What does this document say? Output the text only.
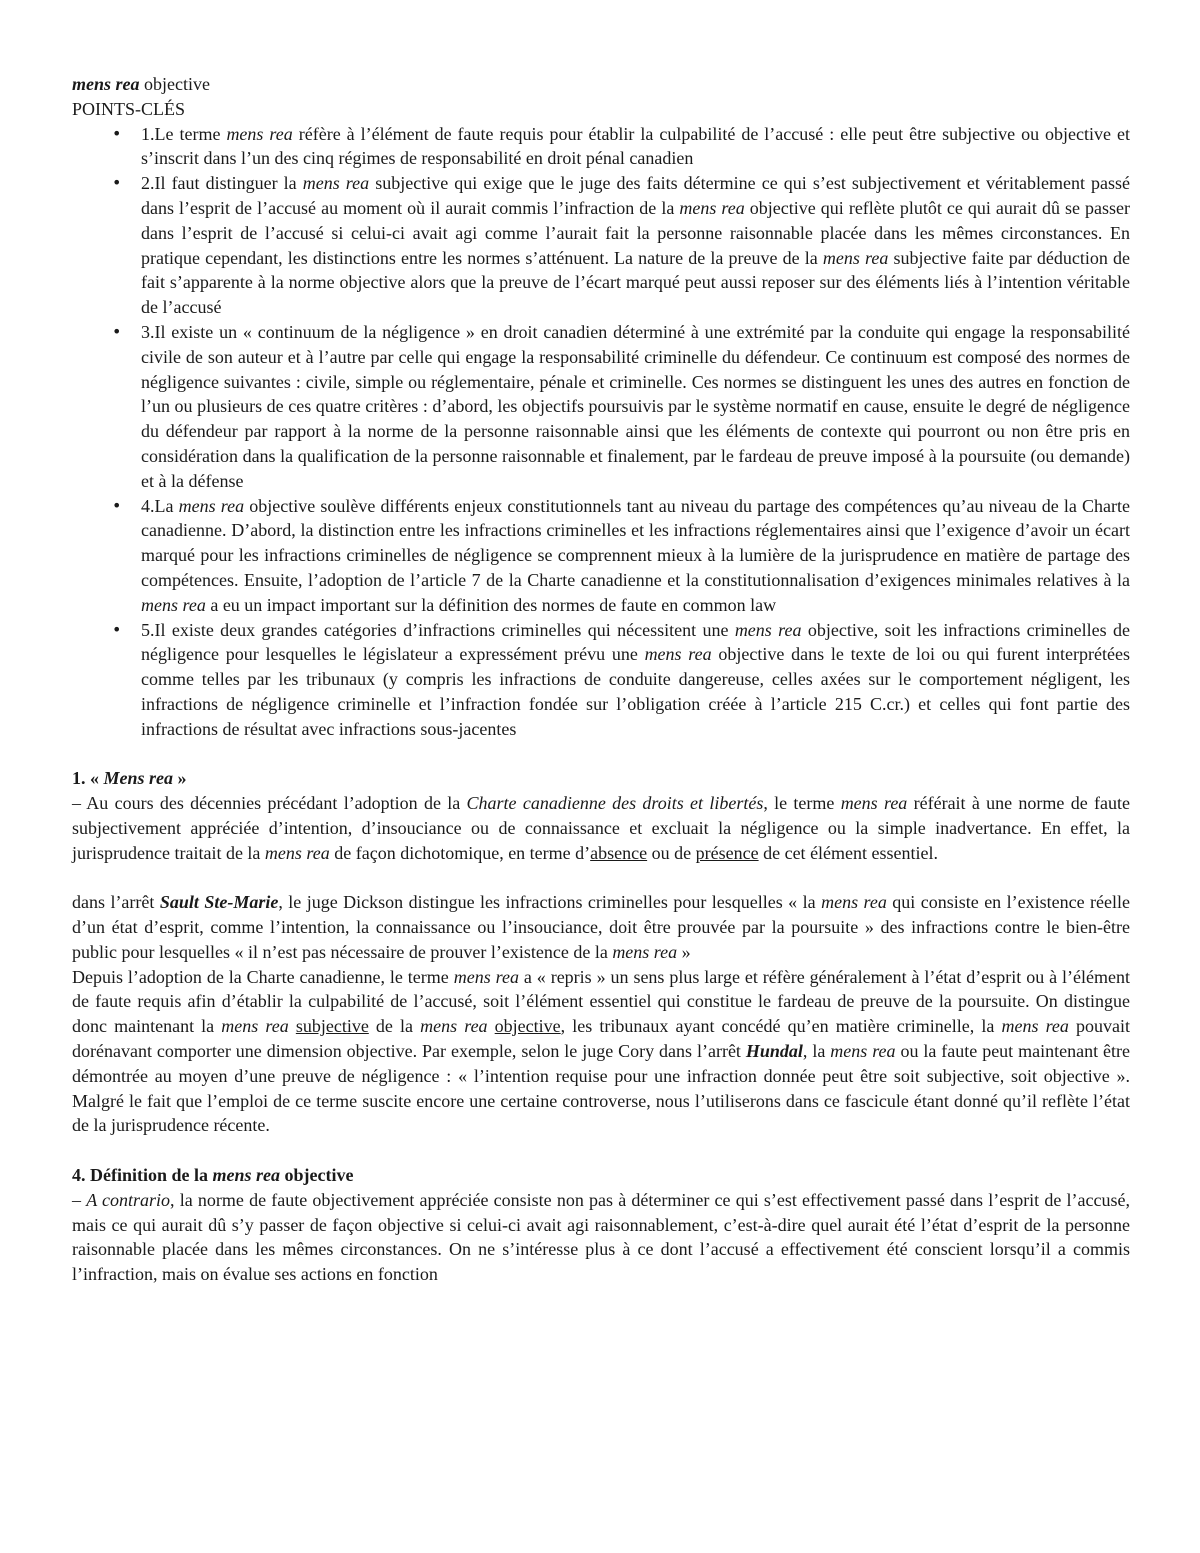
mens rea objective

POINTS-CLÉS

• 1.Le terme mens rea réfère à l’élément de faute requis pour établir la culpabilité de l’accusé : elle peut être subjective ou objective et s’inscrit dans l’un des cinq régimes de responsabilité en droit pénal canadien
• 2.Il faut distinguer la mens rea subjective qui exige que le juge des faits détermine ce qui s’est subjectivement et véritablement passé dans l’esprit de l’accusé au moment où il aurait commis l’infraction de la mens rea objective qui reflète plutôt ce qui aurait dû se passer dans l’esprit de l’accusé si celui-ci avait agi comme l’aurait fait la personne raisonnable placée dans les mêmes circonstances. En pratique cependant, les distinctions entre les normes s’atténuent. La nature de la preuve de la mens rea subjective faite par déduction de fait s’apparente à la norme objective alors que la preuve de l’écart marqué peut aussi reposer sur des éléments liés à l’intention véritable de l’accusé
• 3.Il existe un « continuum de la négligence » en droit canadien déterminé à une extrémité par la conduite qui engage la responsabilité civile de son auteur et à l’autre par celle qui engage la responsabilité criminelle du défendeur. Ce continuum est composé des normes de négligence suivantes : civile, simple ou réglementaire, pénale et criminelle. Ces normes se distinguent les unes des autres en fonction de l’un ou plusieurs de ces quatre critères : d’abord, les objectifs poursuivis par le système normatif en cause, ensuite le degré de négligence du défendeur par rapport à la norme de la personne raisonnable ainsi que les éléments de contexte qui pourront ou non être pris en considération dans la qualification de la personne raisonnable et finalement, par le fardeau de preuve imposé à la poursuite (ou demande) et à la défense
• 4.La mens rea objective soulève différents enjeux constitutionnels tant au niveau du partage des compétences qu’au niveau de la Charte canadienne. D’abord, la distinction entre les infractions criminelles et les infractions réglementaires ainsi que l’exigence d’avoir un écart marqué pour les infractions criminelles de négligence se comprennent mieux à la lumière de la jurisprudence en matière de partage des compétences. Ensuite, l’adoption de l’article 7 de la Charte canadienne et la constitutionnalisation d’exigences minimales relatives à la mens rea a eu un impact important sur la définition des normes de faute en common law
• 5.Il existe deux grandes catégories d’infractions criminelles qui nécessitent une mens rea objective, soit les infractions criminelles de négligence pour lesquelles le législateur a expressément prévu une mens rea objective dans le texte de loi ou qui furent interprétées comme telles par les tribunaux (y compris les infractions de conduite dangereuse, celles axées sur le comportement négligent, les infractions de négligence criminelle et l’infraction fondée sur l’obligation créée à l’article 215 C.cr.) et celles qui font partie des infractions de résultat avec infractions sous-jacentes
1. « Mens rea »

– Au cours des décennies précédant l’adoption de la Charte canadienne des droits et libertés, le terme mens rea référait à une norme de faute subjectivement appréciée d’intention, d’insouciance ou de connaissance et excluait la négligence ou la simple inadvertance. En effet, la jurisprudence traitait de la mens rea de façon dichotomique, en terme d’absence ou de présence de cet élément essentiel.

dans l’arrêt Sault Ste-Marie, le juge Dickson distingue les infractions criminelles pour lesquelles « la mens rea qui consiste en l’existence réelle d’un état d’esprit, comme l’intention, la connaissance ou l’insouciance, doit être prouvée par la poursuite » des infractions contre le bien-être public pour lesquelles « il n’est pas nécessaire de prouver l’existence de la mens rea »

Depuis l’adoption de la Charte canadienne, le terme mens rea a « repris » un sens plus large et réfère généralement à l’état d’esprit ou à l’élément de faute requis afin d’établir la culpabilité de l’accusé, soit l’élément essentiel qui constitue le fardeau de preuve de la poursuite. On distingue donc maintenant la mens rea subjective de la mens rea objective, les tribunaux ayant concédé qu’en matière criminelle, la mens rea pouvait dorénavant comporter une dimension objective. Par exemple, selon le juge Cory dans l’arrêt Hundal, la mens rea ou la faute peut maintenant être démontrée au moyen d’une preuve de négligence : « l’intention requise pour une infraction donnée peut être soit subjective, soit objective ». Malgré le fait que l’emploi de ce terme suscite encore une certaine controverse, nous l’utiliserons dans ce fascicule étant donné qu’il reflète l’état de la jurisprudence récente.

4. Définition de la mens rea objective

– A contrario, la norme de faute objectivement appréciée consiste non pas à déterminer ce qui s’est effectivement passé dans l’esprit de l’accusé, mais ce qui aurait dû s’y passer de façon objective si celui-ci avait agi raisonnablement, c’est-à-dire quel aurait été l’état d’esprit de la personne raisonnable placée dans les mêmes circonstances. On ne s’intéresse plus à ce dont l’accusé a effectivement été conscient lorsqu’il a commis l’infraction, mais on évalue ses actions en fonction
